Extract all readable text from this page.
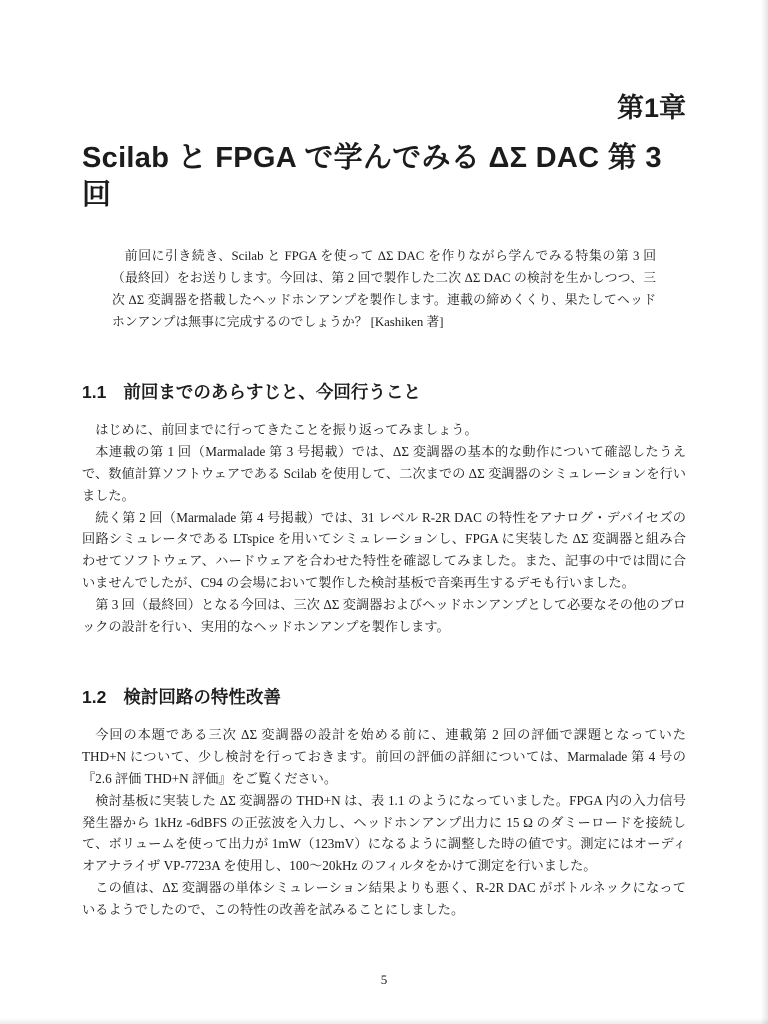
第1章
Scilab と FPGA で学んでみる ΔΣ DAC 第 3 回

前回に引き続き、Scilab と FPGA を使って ΔΣ DAC を作りながら学んでみる特集の第 3 回（最終回）をお送りします。今回は、第 2 回で製作した二次 ΔΣ DAC の検討を生かしつつ、三次 ΔΣ 変調器を搭載したヘッドホンアンプを製作します。連載の締めくくり、果たしてヘッドホンアンプは無事に完成するのでしょうか？ [Kashiken 著]

1.1 前回までのあらすじと、今回行うこと

はじめに、前回までに行ってきたことを振り返ってみましょう。

本連載の第 1 回（Marmalade 第 3 号掲載）では、ΔΣ 変調器の基本的な動作について確認したうえで、数値計算ソフトウェアである Scilab を使用して、二次までの ΔΣ 変調器のシミュレーションを行いました。

続く第 2 回（Marmalade 第 4 号掲載）では、31 レベル R-2R DAC の特性をアナログ・デバイセズの回路シミュレータである LTspice を用いてシミュレーションし、FPGA に実装した ΔΣ 変調器と組み合わせてソフトウェア、ハードウェアを合わせた特性を確認してみました。また、記事の中では間に合いませんでしたが、C94 の会場において製作した検討基板で音楽再生するデモも行いました。

第 3 回（最終回）となる今回は、三次 ΔΣ 変調器およびヘッドホンアンプとして必要なその他のブロックの設計を行い、実用的なヘッドホンアンプを製作します。

1.2 検討回路の特性改善

今回の本題である三次 ΔΣ 変調器の設計を始める前に、連載第 2 回の評価で課題となっていた THD+N について、少し検討を行っておきます。前回の評価の詳細については、Marmalade 第 4 号の『2.6 評価 THD+N 評価』をご覧ください。

検討基板に実装した ΔΣ 変調器の THD+N は、表 1.1 のようになっていました。FPGA 内の入力信号発生器から 1kHz -6dBFS の正弦波を入力し、ヘッドホンアンプ出力に 15 Ω のダミーロードを接続して、ボリュームを使って出力が 1mW（123mV）になるように調整した時の値です。測定にはオーディオアナライザ VP-7723A を使用し、100～20kHz のフィルタをかけて測定を行いました。

この値は、ΔΣ 変調器の単体シミュレーション結果よりも悪く、R-2R DAC がボトルネックになっているようでしたので、この特性の改善を試みることにしました。

5
